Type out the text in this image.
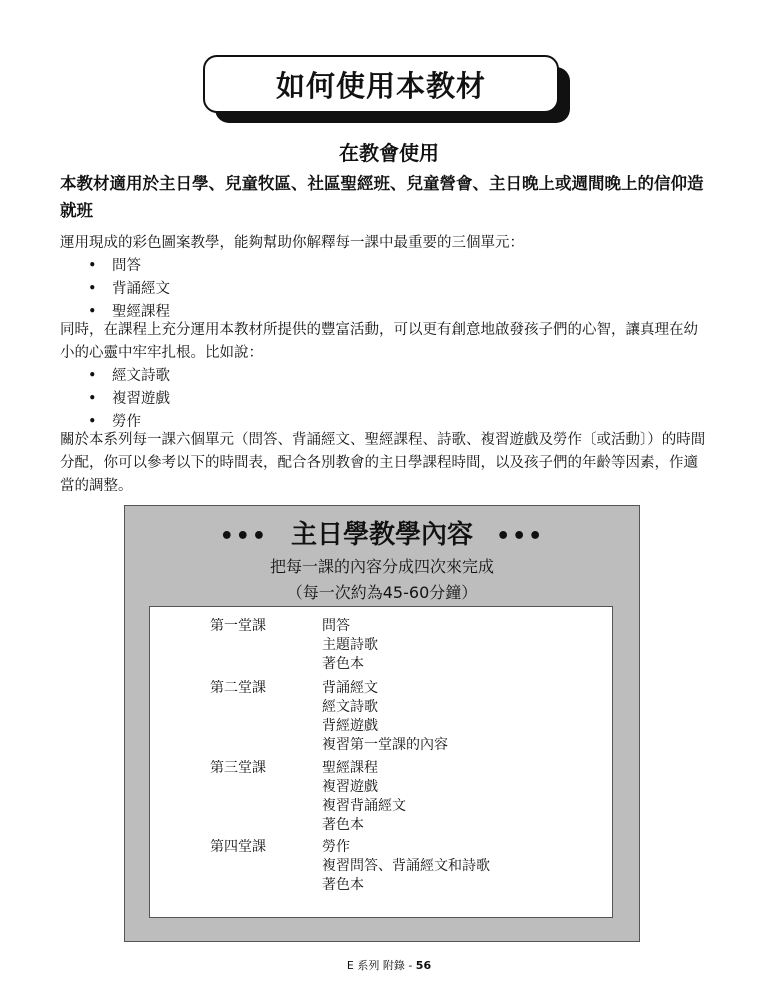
如何使用本教材
在教會使用
本教材適用於主日學、兒童牧區、社區聖經班、兒童營會、主日晚上或週間晚上的信仰造就班
運用現成的彩色圖案教學，能夠幫助你解釋每一課中最重要的三個單元：
• 問答
• 背誦經文
• 聖經課程
同時，在課程上充分運用本教材所提供的豐富活動，可以更有創意地啟發孩子們的心智，讓真理在幼小的心靈中牢牢扎根。比如說：
• 經文詩歌
• 複習遊戲
• 勞作
關於本系列每一課六個單元（問答、背誦經文、聖經課程、詩歌、複習遊戲及勞作〔或活動〕）的時間分配，你可以參考以下的時間表，配合各別教會的主日學課程時間，以及孩子們的年齡等因素，作適當的調整。
••• 主日學教學內容 •••
把每一課的內容分成四次來完成
（每一次約為45-60分鐘）
第一堂課	問答
主題詩歌
著色本
第二堂課	背誦經文
經文詩歌
背經遊戲
複習第一堂課的內容
第三堂課	聖經課程
複習遊戲
複習背誦經文
著色本
第四堂課	勞作
複習問答、背誦經文和詩歌
著色本
E 系列 附錄 - 56
